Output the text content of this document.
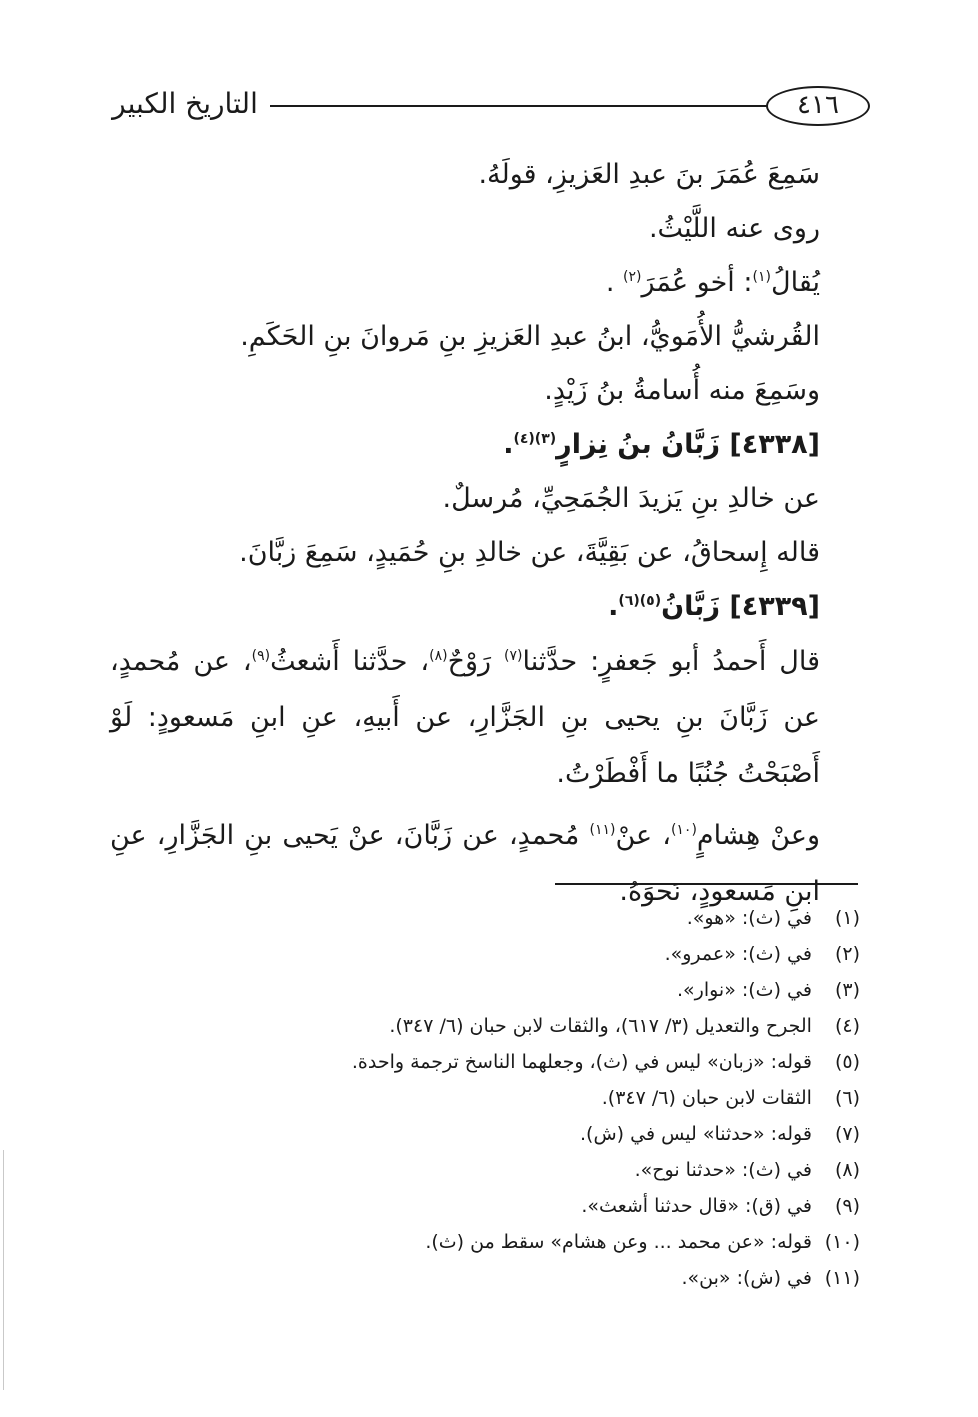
التاريخ الكبير	٤١٦
سَمِعَ عُمَرَ بنَ عبدِ العَزيزِ، قولَهُ.
روى عنه اللَّيْثُ.
يُقالُ$^{(١)}$: أخو عُمَرَ$^{(٢)}$ .
القُرشيُّ الأُمَويُّ، ابنُ عبدِ العَزيزِ بنِ مَروانَ بنِ الحَكَمِ.
وسَمِعَ منه أُسامةُ بنُ زَيْدٍ.
[٤٣٣٨] زَبَّانُ بنُ نِزارٍ$^{(٣)(٤)}$.
عن خالدِ بنِ يَزيدَ الجُمَحِيِّ، مُرسلٌ.
قاله إِسحاقُ، عن بَقِيَّةَ، عن خالدِ بنِ حُمَيدٍ، سَمِعَ زبَّانَ.
[٤٣٣٩] زَبَّانُ$^{(٥)(٦)}$.

قال أَحمدُ أبو جَعفرٍ: حدَّثنا$^{(٧)}$ رَوْحٌ$^{(٨)}$، حدَّثنا أَشعثُ$^{(٩)}$، عن مُحمدٍ، عن زَبَّانَ بنِ يحيى بنِ الجَزَّارِ، عن أَبيهِ، عنِ ابنِ مَسعودٍ: لَوْ أَصْبَحْتُ جُنُبًا ما أَفْطَرْتُ.

وعنْ هِشامٍ$^{(١٠)}$، عنْ$^{(١١)}$ مُحمدٍ، عن زَبَّانَ، عنْ يَحيى بنِ الجَزَّارِ، عنِ ابنِ مَسعودٍ، نَحوَهُ.

(١) في (ث): «هو».
(٢) في (ث): «عمرو».
(٣) في (ث): «نوار».
(٤) الجرح والتعديل (٣/ ٦١٧)، والثقات لابن حبان (٦/ ٣٤٧).
(٥) قوله: «زبان» ليس في (ث)، وجعلهما الناسخ ترجمة واحدة.
(٦) الثقات لابن حبان (٦/ ٣٤٧).
(٧) قوله: «حدثنا» ليس في (ش).
(٨) في (ث): «حدثنا نوح».
(٩) في (ق): «قال حدثنا أشعث».
(١٠) قوله: «عن محمد ... وعن هشام» سقط من (ث).
(١١) في (ش): «بن».
